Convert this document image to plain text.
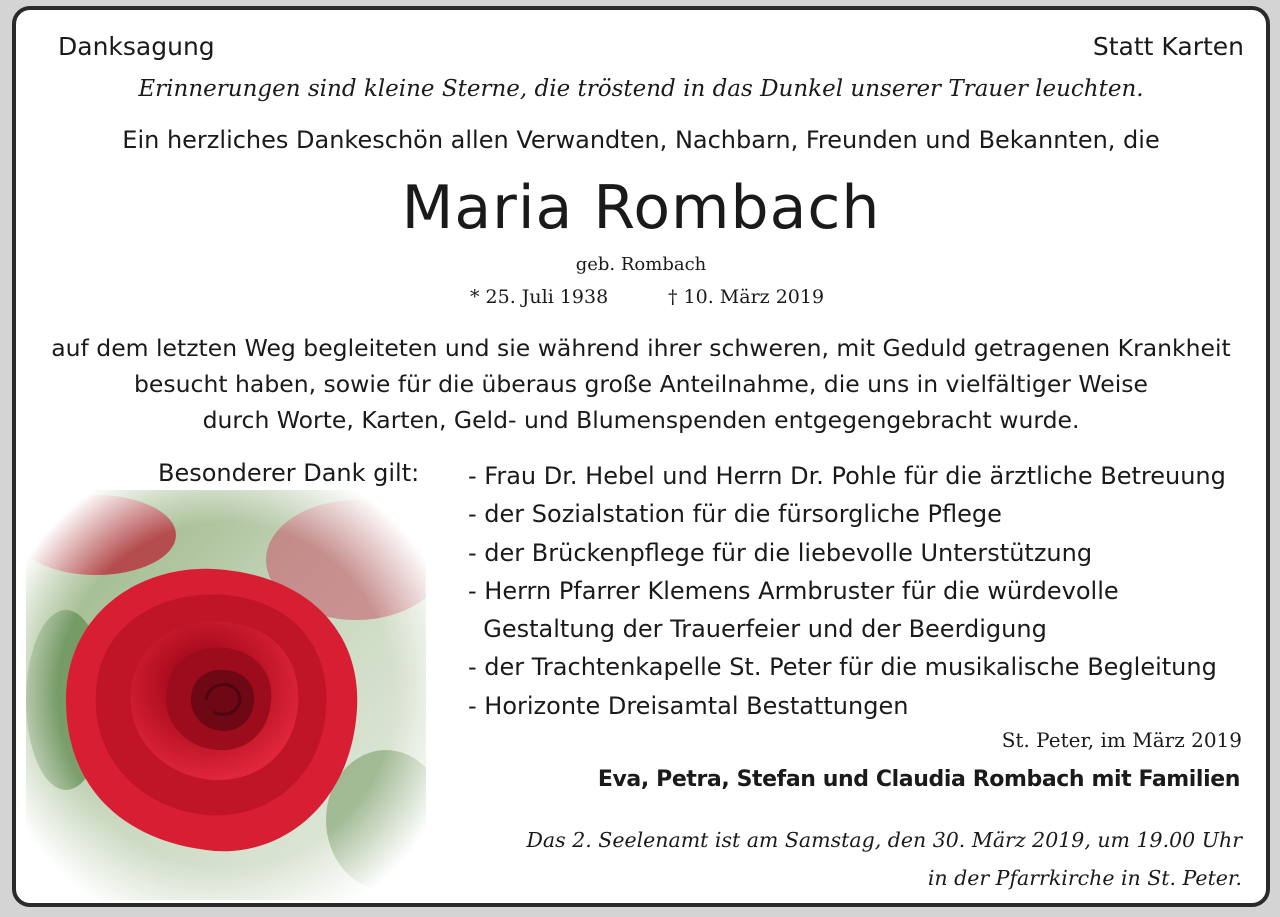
Danksagung	Statt Karten
Erinnerungen sind kleine Sterne, die tröstend in das Dunkel unserer Trauer leuchten.
Ein herzliches Dankeschön allen Verwandten, Nachbarn, Freunden und Bekannten, die
Maria Rombach
geb. Rombach
* 25. Juli 1938	† 10. März 2019
auf dem letzten Weg begleiteten und sie während ihrer schweren, mit Geduld getragenen Krankheit
besucht haben, sowie für die überaus große Anteilnahme, die uns in vielfältiger Weise
durch Worte, Karten, Geld- und Blumenspenden entgegengebracht wurde.
Besonderer Dank gilt: - Frau Dr. Hebel und Herrn Dr. Pohle für die ärztliche Betreuung
- der Sozialstation für die fürsorgliche Pflege
- der Brückenpflege für die liebevolle Unterstützung
- Herrn Pfarrer Klemens Armbruster für die würdevolle
Gestaltung der Trauerfeier und der Beerdigung
- der Trachtenkapelle St. Peter für die musikalische Begleitung
- Horizonte Dreisamtal Bestattungen
St. Peter, im März 2019
Eva, Petra, Stefan und Claudia Rombach mit Familien
Das 2. Seelenamt ist am Samstag, den 30. März 2019, um 19.00 Uhr
in der Pfarrkirche in St. Peter.
